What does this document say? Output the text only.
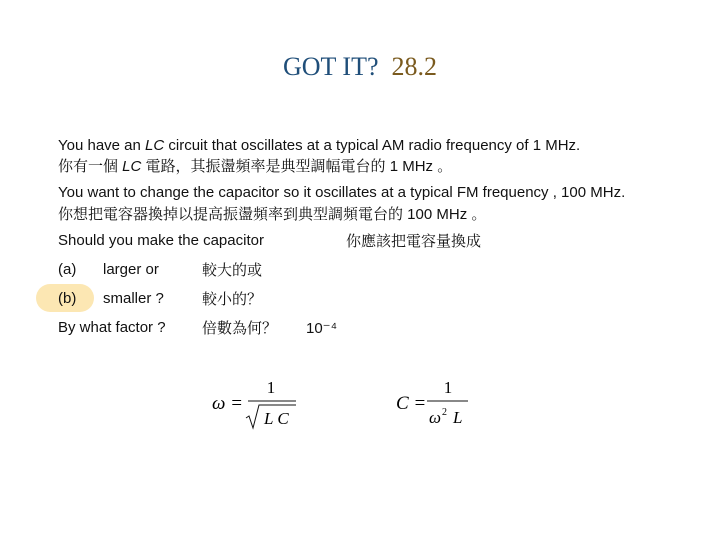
GOT IT? 28.2
You have an LC circuit that oscillates at a typical AM radio frequency of 1 MHz.
你有一個 LC 電路，其振盪頻率是典型調幅電台的 1 MHz 。
You want to change the capacitor so it oscillates at a typical FM frequency , 100 MHz.
你想把電容器換掉以提高振盪頻率到典型調頻電台的 100 MHz 。
Should you make the capacitor	你應該把電容量換成
(a) larger or	較大的或
(b) smaller ?	較小的？
By what factor ? 倍數為何？ 10⁻⁴
ω =
1
L C
C =
1
ω 2 L
